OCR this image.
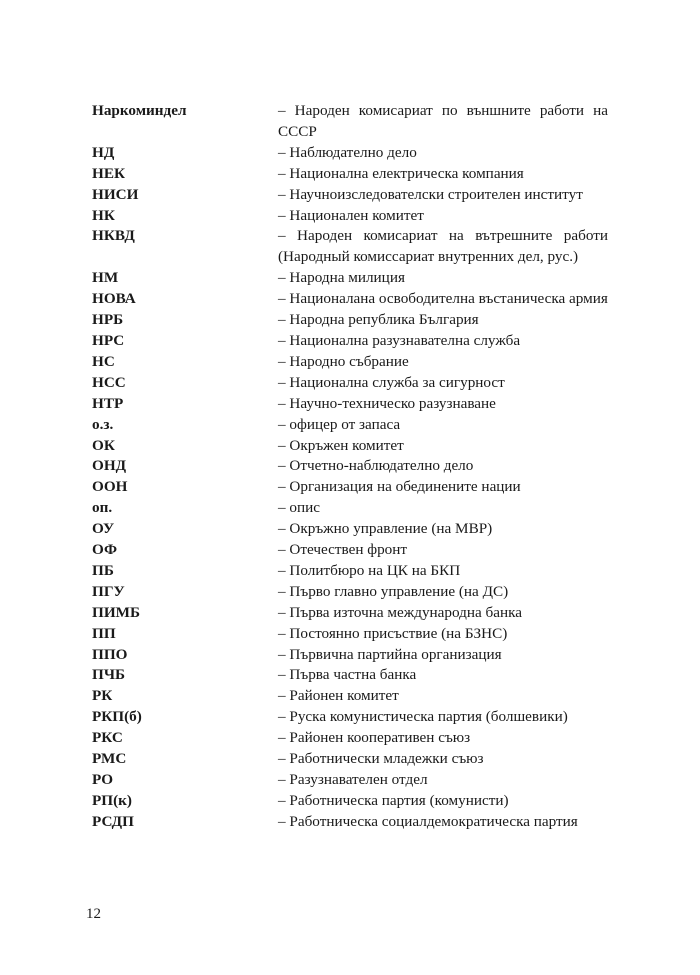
Наркоминдел	– Народен комисариат по външните работи на СССР
НД	– Наблюдателно дело
НЕК	– Национална електрическа компания
НИСИ	– Научноизследователски строителен институт
НК	– Национален комитет
НКВД	– Народен комисариат на вътрешните работи (Народный комиссариат внутренних дел, рус.)
НМ	– Народна милиция
НОВА	– Националана освободителна въстаническа армия
НРБ	– Народна република България
НРС	– Национална разузнавателна служба
НС	– Народно събрание
НСС	– Национална служба за сигурност
НТР	– Научно-техническо разузнаване
о.з.	– офицер от запаса
ОК	– Окръжен комитет
ОНД	– Отчетно-наблюдателно дело
ООН	– Организация на обединените нации
оп.	– опис
ОУ	– Окръжно управление (на МВР)
ОФ	– Отечествен фронт
ПБ	– Политбюро на ЦК на БКП
ПГУ	– Първо главно управление (на ДС)
ПИМБ	– Първа източна международна банка
ПП	– Постоянно присъствие (на БЗНС)
ППО	– Първична партийна организация
ПЧБ	– Първа частна банка
РК	– Районен комитет
РКП(б)	– Руска комунистическа партия (болшевики)
РКС	– Районен кооперативен съюз
РМС	– Работнически младежки съюз
РО	– Разузнавателен отдел
РП(к)	– Работническа партия (комунисти)
РСДП	– Работническа социалдемократическа партия
12
